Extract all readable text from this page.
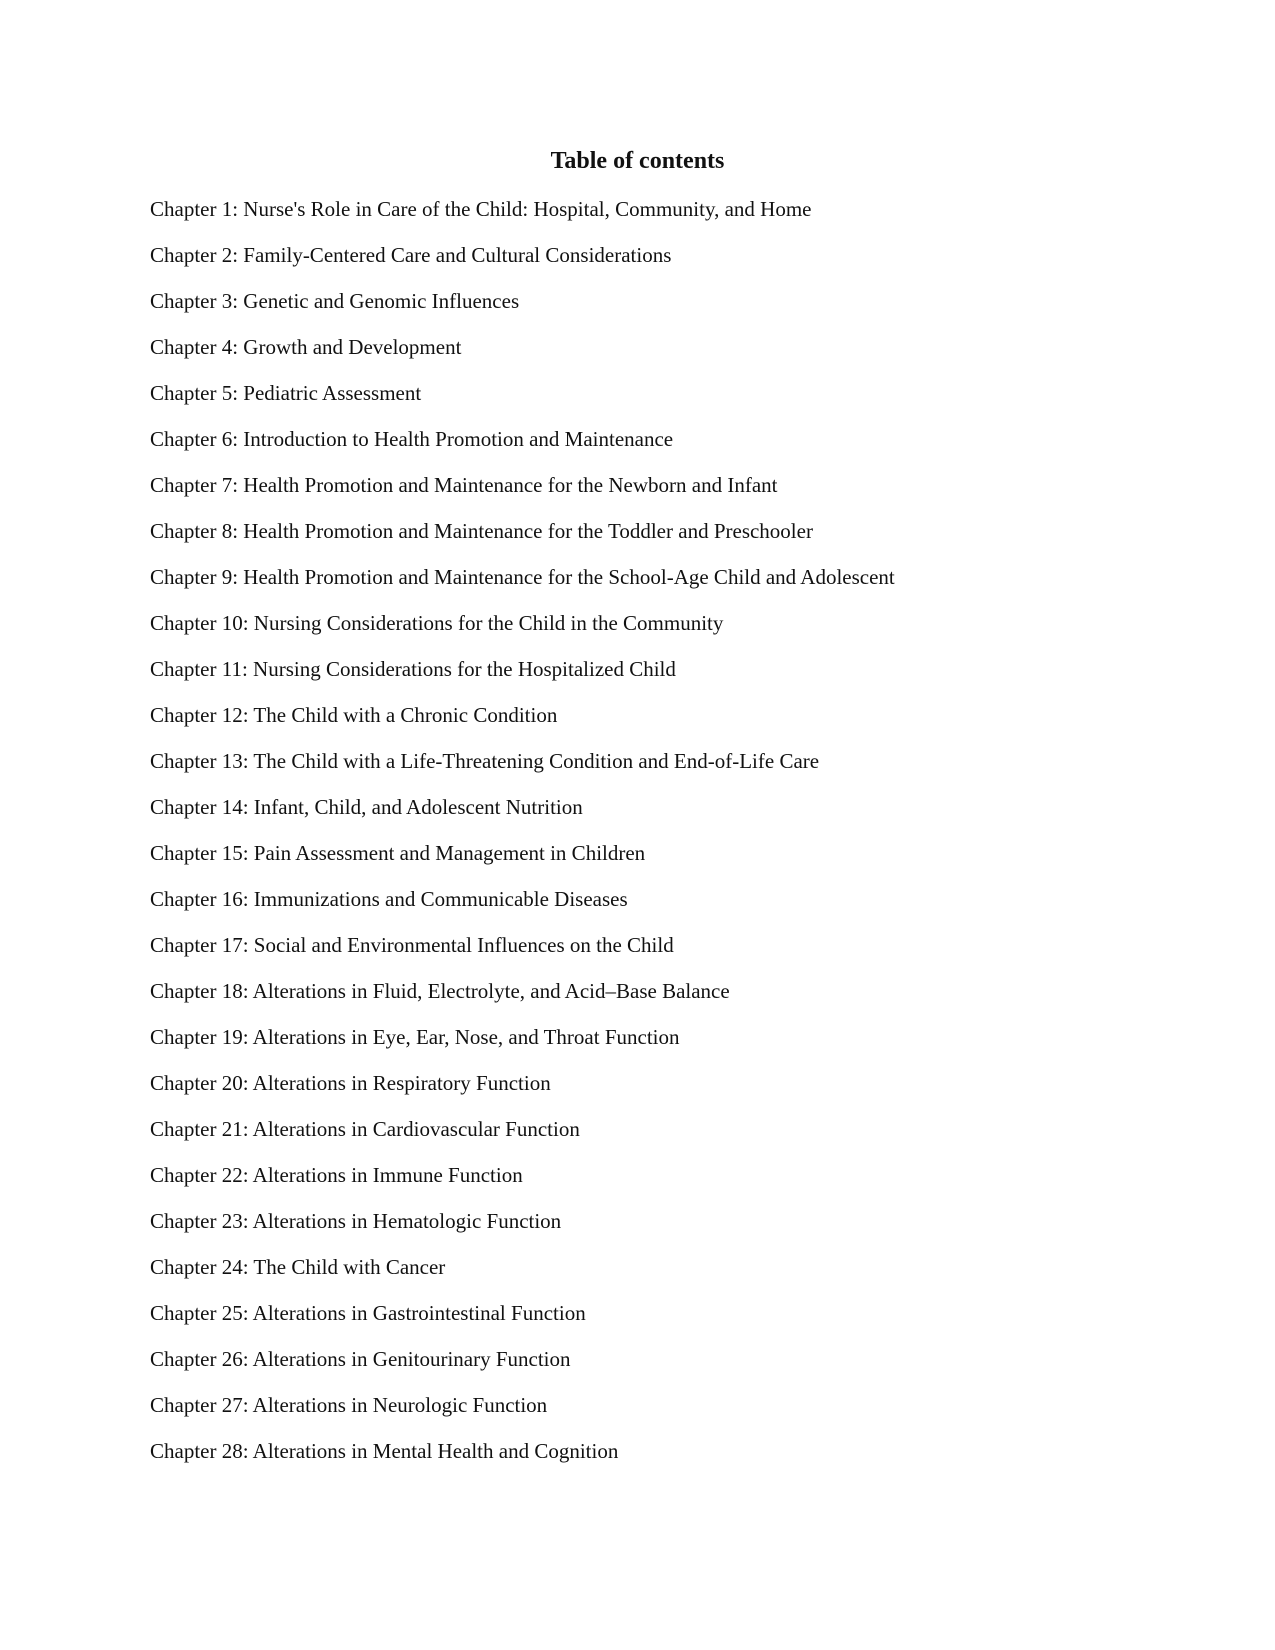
Table of contents
Chapter 1: Nurse's Role in Care of the Child: Hospital, Community, and Home
Chapter 2: Family-Centered Care and Cultural Considerations
Chapter 3: Genetic and Genomic Influences
Chapter 4: Growth and Development
Chapter 5: Pediatric Assessment
Chapter 6: Introduction to Health Promotion and Maintenance
Chapter 7: Health Promotion and Maintenance for the Newborn and Infant
Chapter 8: Health Promotion and Maintenance for the Toddler and Preschooler
Chapter 9: Health Promotion and Maintenance for the School-Age Child and Adolescent
Chapter 10: Nursing Considerations for the Child in the Community
Chapter 11: Nursing Considerations for the Hospitalized Child
Chapter 12: The Child with a Chronic Condition
Chapter 13: The Child with a Life-Threatening Condition and End-of-Life Care
Chapter 14: Infant, Child, and Adolescent Nutrition
Chapter 15: Pain Assessment and Management in Children
Chapter 16: Immunizations and Communicable Diseases
Chapter 17: Social and Environmental Influences on the Child
Chapter 18: Alterations in Fluid, Electrolyte, and Acid–Base Balance
Chapter 19: Alterations in Eye, Ear, Nose, and Throat Function
Chapter 20: Alterations in Respiratory Function
Chapter 21: Alterations in Cardiovascular Function
Chapter 22: Alterations in Immune Function
Chapter 23: Alterations in Hematologic Function
Chapter 24: The Child with Cancer
Chapter 25: Alterations in Gastrointestinal Function
Chapter 26: Alterations in Genitourinary Function
Chapter 27: Alterations in Neurologic Function
Chapter 28: Alterations in Mental Health and Cognition
